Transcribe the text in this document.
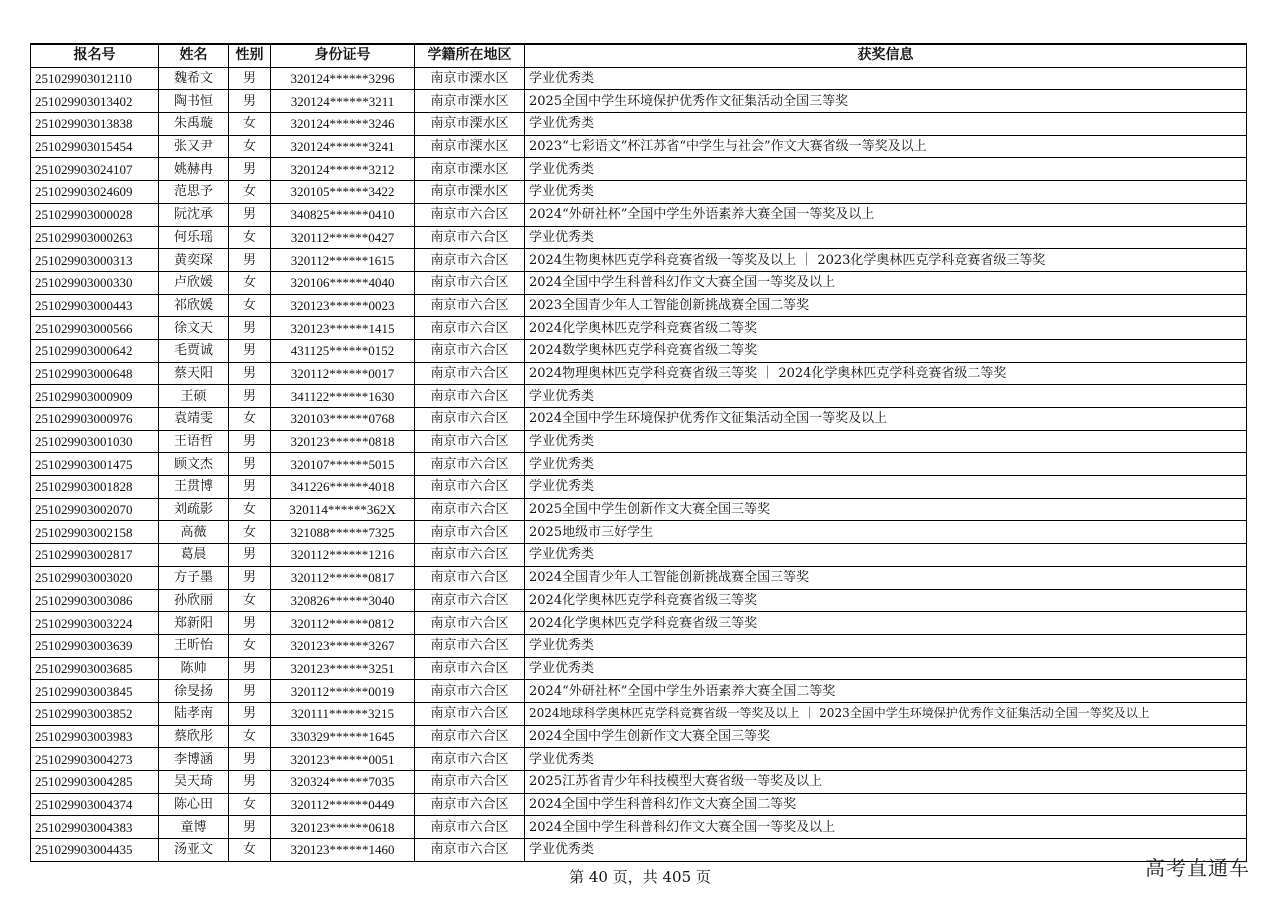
报名号	姓名	性别	身份证号	学籍所在地区	获奖信息
251029903012110	魏希文	男	320124******3296	南京市溧水区	学业优秀类
251029903013402	陶书恒	男	320124******3211	南京市溧水区	2025全国中学生环境保护优秀作文征集活动全国三等奖
251029903013838	朱禹璇	女	320124******3246	南京市溧水区	学业优秀类
251029903015454	张又尹	女	320124******3241	南京市溧水区	2023“七彩语文”杯江苏省“中学生与社会”作文大赛省级一等奖及以上
251029903024107	姚赫冉	男	320124******3212	南京市溧水区	学业优秀类
251029903024609	范思予	女	320105******3422	南京市溧水区	学业优秀类
251029903000028	阮沈承	男	340825******0410	南京市六合区	2024“外研社杯”全国中学生外语素养大赛全国一等奖及以上
251029903000263	何乐瑶	女	320112******0427	南京市六合区	学业优秀类
251029903000313	黄奕琛	男	320112******1615	南京市六合区	2024生物奥林匹克学科竞赛省级一等奖及以上 ｜ 2023化学奥林匹克学科竞赛省级三等奖
251029903000330	卢欣媛	女	320106******4040	南京市六合区	2024全国中学生科普科幻作文大赛全国一等奖及以上
251029903000443	祁欣媛	女	320123******0023	南京市六合区	2023全国青少年人工智能创新挑战赛全国二等奖
251029903000566	徐文天	男	320123******1415	南京市六合区	2024化学奥林匹克学科竞赛省级二等奖
251029903000642	毛贾诚	男	431125******0152	南京市六合区	2024数学奥林匹克学科竞赛省级二等奖
251029903000648	蔡天阳	男	320112******0017	南京市六合区	2024物理奥林匹克学科竞赛省级三等奖 ｜ 2024化学奥林匹克学科竞赛省级二等奖
251029903000909	王硕	男	341122******1630	南京市六合区	学业优秀类
251029903000976	袁靖雯	女	320103******0768	南京市六合区	2024全国中学生环境保护优秀作文征集活动全国一等奖及以上
251029903001030	王语哲	男	320123******0818	南京市六合区	学业优秀类
251029903001475	顾文杰	男	320107******5015	南京市六合区	学业优秀类
251029903001828	王贯博	男	341226******4018	南京市六合区	学业优秀类
251029903002070	刘疏影	女	320114******362X	南京市六合区	2025全国中学生创新作文大赛全国三等奖
251029903002158	高薇	女	321088******7325	南京市六合区	2025地级市三好学生
251029903002817	葛晨	男	320112******1216	南京市六合区	学业优秀类
251029903003020	方子墨	男	320112******0817	南京市六合区	2024全国青少年人工智能创新挑战赛全国三等奖
251029903003086	孙欣丽	女	320826******3040	南京市六合区	2024化学奥林匹克学科竞赛省级三等奖
251029903003224	郑新阳	男	320112******0812	南京市六合区	2024化学奥林匹克学科竞赛省级三等奖
251029903003639	王昕怡	女	320123******3267	南京市六合区	学业优秀类
251029903003685	陈帅	男	320123******3251	南京市六合区	学业优秀类
251029903003845	徐旻扬	男	320112******0019	南京市六合区	2024“外研社杯”全国中学生外语素养大赛全国二等奖
251029903003852	陆孝南	男	320111******3215	南京市六合区	2024地球科学奥林匹克学科竞赛省级一等奖及以上 ｜ 2023全国中学生环境保护优秀作文征集活动全国一等奖及以上
251029903003983	蔡欣彤	女	330329******1645	南京市六合区	2024全国中学生创新作文大赛全国三等奖
251029903004273	李博涵	男	320123******0051	南京市六合区	学业优秀类
251029903004285	吴天琦	男	320324******7035	南京市六合区	2025江苏省青少年科技模型大赛省级一等奖及以上
251029903004374	陈心田	女	320112******0449	南京市六合区	2024全国中学生科普科幻作文大赛全国二等奖
251029903004383	童博	男	320123******0618	南京市六合区	2024全国中学生科普科幻作文大赛全国一等奖及以上
251029903004435	汤亚文	女	320123******1460	南京市六合区	学业优秀类
第 40 页，共 405 页	高考直通车
